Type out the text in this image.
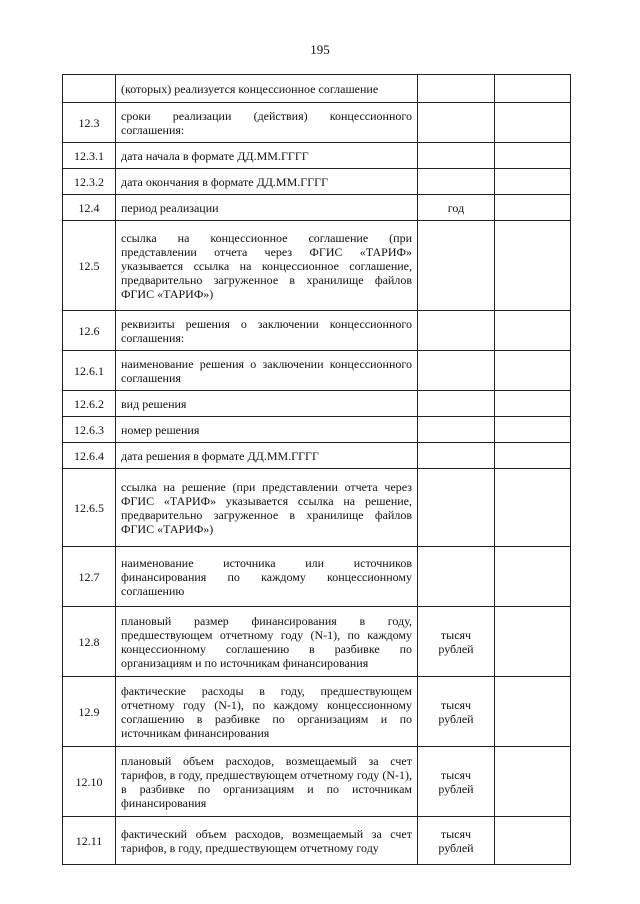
195
	(которых) реализуется концессионное соглашение		
12.3	сроки реализации (действия) концессионного соглашения:		
12.3.1	дата начала в формате ДД.ММ.ГГГГ		
12.3.2	дата окончания в формате ДД.ММ.ГГГГ		
12.4	период реализации	год	
12.5	ссылка на концессионное соглашение (при представлении отчета через ФГИС «ТАРИФ» указывается ссылка на концессионное соглашение, предварительно загруженное в хранилище файлов ФГИС «ТАРИФ»)		
12.6	реквизиты решения о заключении концессионного соглашения:		
12.6.1	наименование решения о заключении концессионного соглашения		
12.6.2	вид решения		
12.6.3	номер решения		
12.6.4	дата решения в формате ДД.ММ.ГГГГ		
12.6.5	ссылка на решение (при представлении отчета через ФГИС «ТАРИФ» указывается ссылка на решение, предварительно загруженное в хранилище файлов ФГИС «ТАРИФ»)		
12.7	наименование источника или источников финансирования по каждому концессионному соглашению		
12.8	плановый размер финансирования в году, предшествующем отчетному году (N-1), по каждому концессионному соглашению в разбивке по организациям и по источникам финансирования	тысяч рублей	
12.9	фактические расходы в году, предшествующем отчетному году (N-1), по каждому концессионному соглашению в разбивке по организациям и по источникам финансирования	тысяч рублей	
12.10	плановый объем расходов, возмещаемый за счет тарифов, в году, предшествующем отчетному году (N-1), в разбивке по организациям и по источникам финансирования	тысяч рублей	
12.11	фактический объем расходов, возмещаемый за счет тарифов, в году, предшествующем отчетному году	тысяч рублей	
